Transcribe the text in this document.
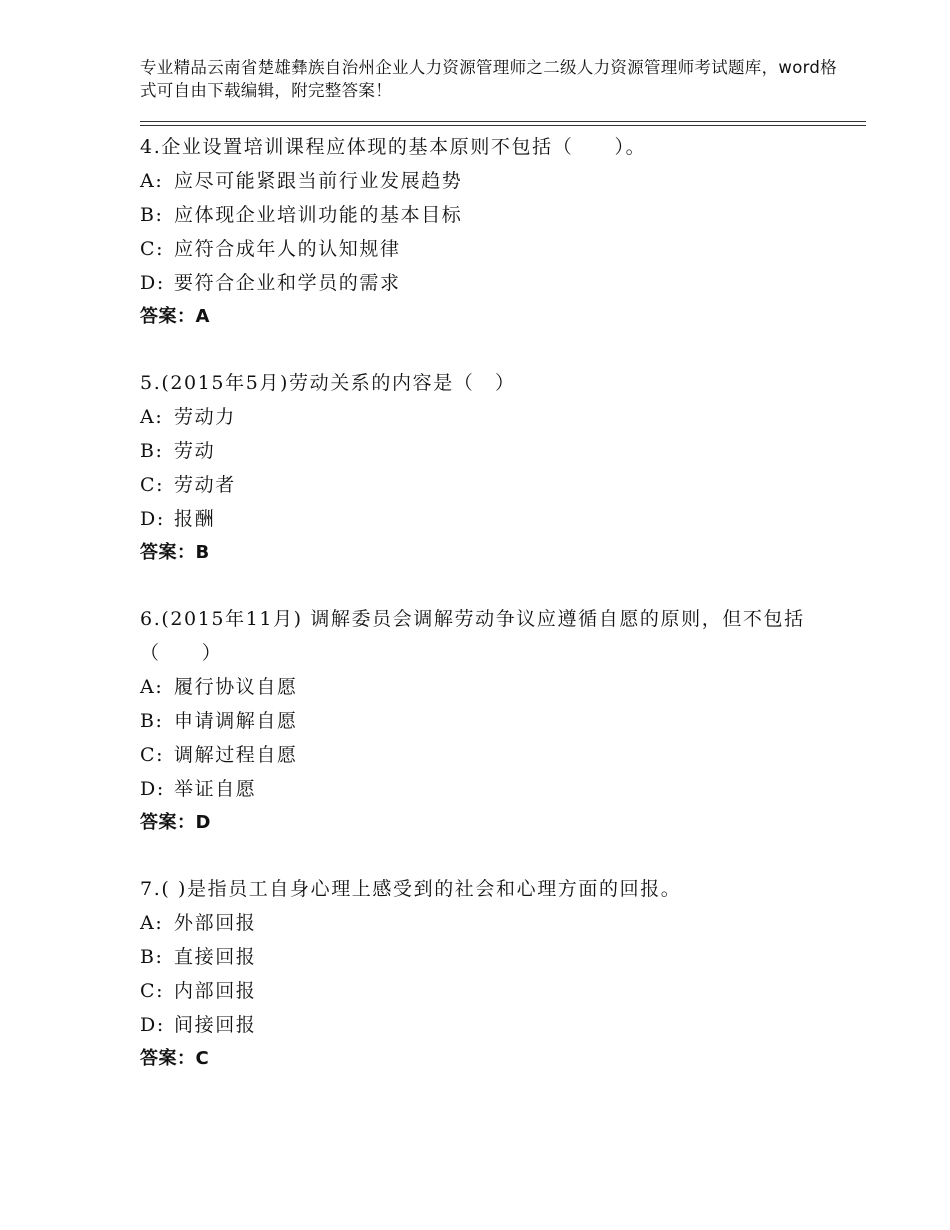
专业精品云南省楚雄彝族自治州企业人力资源管理师之二级人力资源管理师考试题库，word格式可自由下载编辑，附完整答案！
4.企业设置培训课程应体现的基本原则不包括（　　）。
A: 应尽可能紧跟当前行业发展趋势
B: 应体现企业培训功能的基本目标
C: 应符合成年人的认知规律
D: 要符合企业和学员的需求
答案：A
5.(2015年5月)劳动关系的内容是（　）
A: 劳动力
B: 劳动
C: 劳动者
D: 报酬
答案：B
6.(2015年11月) 调解委员会调解劳动争议应遵循自愿的原则，但不包括 （　　）
A: 履行协议自愿
B: 申请调解自愿
C: 调解过程自愿
D: 举证自愿
答案：D
7.( )是指员工自身心理上感受到的社会和心理方面的回报。
A: 外部回报
B: 直接回报
C: 内部回报
D: 间接回报
答案：C
